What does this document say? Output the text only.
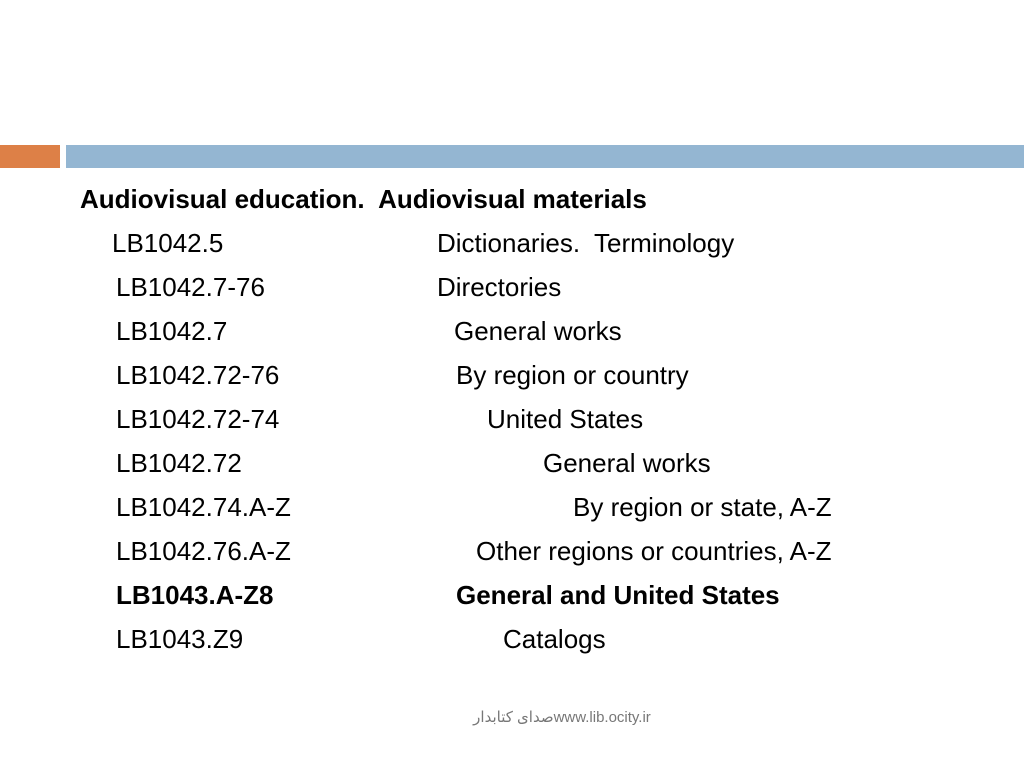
Audiovisual education.  Audiovisual materials
LB1042.5	Dictionaries.  Terminology
LB1042.7-76	Directories
LB1042.7	General works
LB1042.72-76	By region or country
LB1042.72-74	United States
LB1042.72	General works
LB1042.74.A-Z	By region or state, A-Z
LB1042.76.A-Z	Other regions or countries, A-Z
LB1043.A-Z8	General and United States
LB1043.Z9	Catalogs
صدای کتابدارwww.lib.ocity.ir
